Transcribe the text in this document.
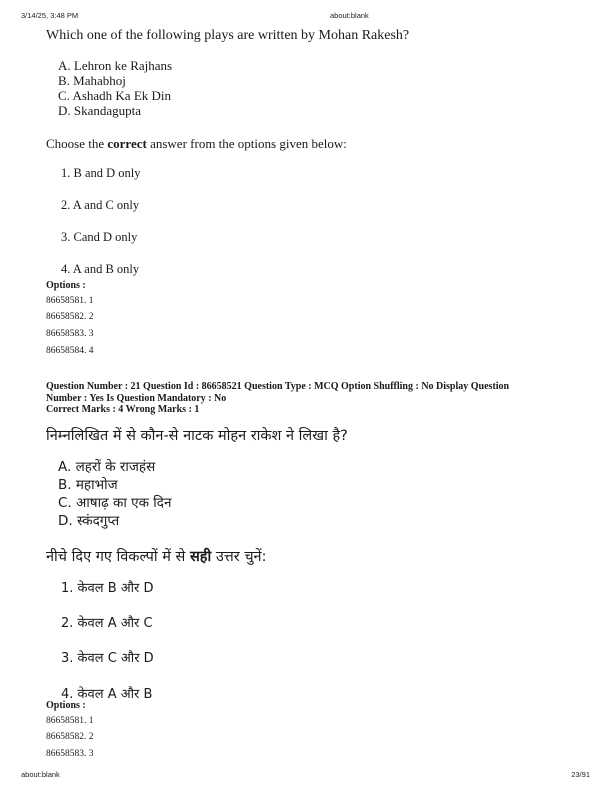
3/14/25, 3:48 PM	about:blank
Which one of the following plays are written by Mohan Rakesh?
A. Lehron ke Rajhans
B. Mahabhoj
C. Ashadh Ka Ek Din
D. Skandagupta
Choose the correct answer from the options given below:
1. B and D only
2. A and C only
3. Cand D only
4. A and B only
Options :
86658581. 1
86658582. 2
86658583. 3
86658584. 4
Question Number : 21 Question Id : 86658521 Question Type : MCQ Option Shuffling : No Display Question
Number : Yes Is Question Mandatory : No
Correct Marks : 4 Wrong Marks : 1
निम्नलिखित में से कौन-से नाटक मोहन राकेश ने लिखा है?
A. लहरों के राजहंस
B. महाभोज
C. आषाढ़ का एक दिन
D. स्कंदगुप्त
नीचे दिए गए विकल्पों में से सही उत्तर चुनें:
1. केवल B और D
2. केवल A और C
3. केवल C और D
4. केवल A और B
Options :
86658581. 1
86658582. 2
86658583. 3
about:blank	23/91
